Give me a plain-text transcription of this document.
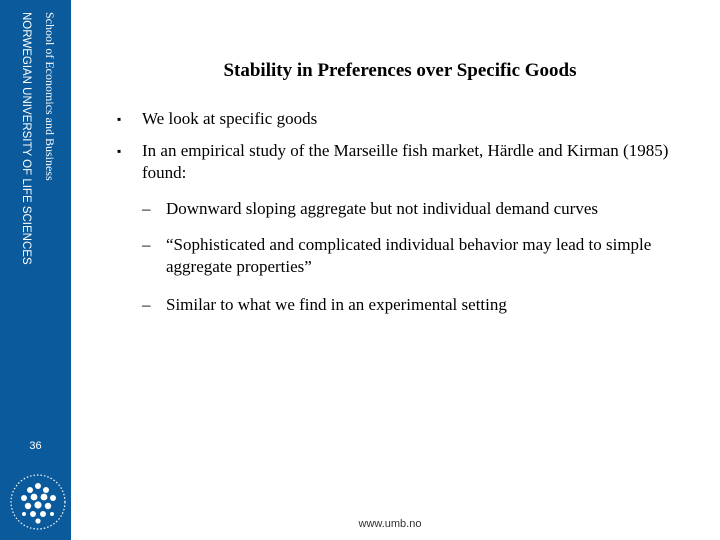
School of Economics and Business
NORWEGIAN UNIVERSITY OF LIFE SCIENCES
36
Stability in Preferences over Specific Goods
▪ We look at specific goods
▪ In an empirical study of the Marseille fish market, Härdle and Kirman (1985) found:
– Downward sloping aggregate but not individual demand curves
– “Sophisticated and complicated individual behavior may lead to simple aggregate properties”
– Similar to what we find in an experimental setting
www.umb.no
